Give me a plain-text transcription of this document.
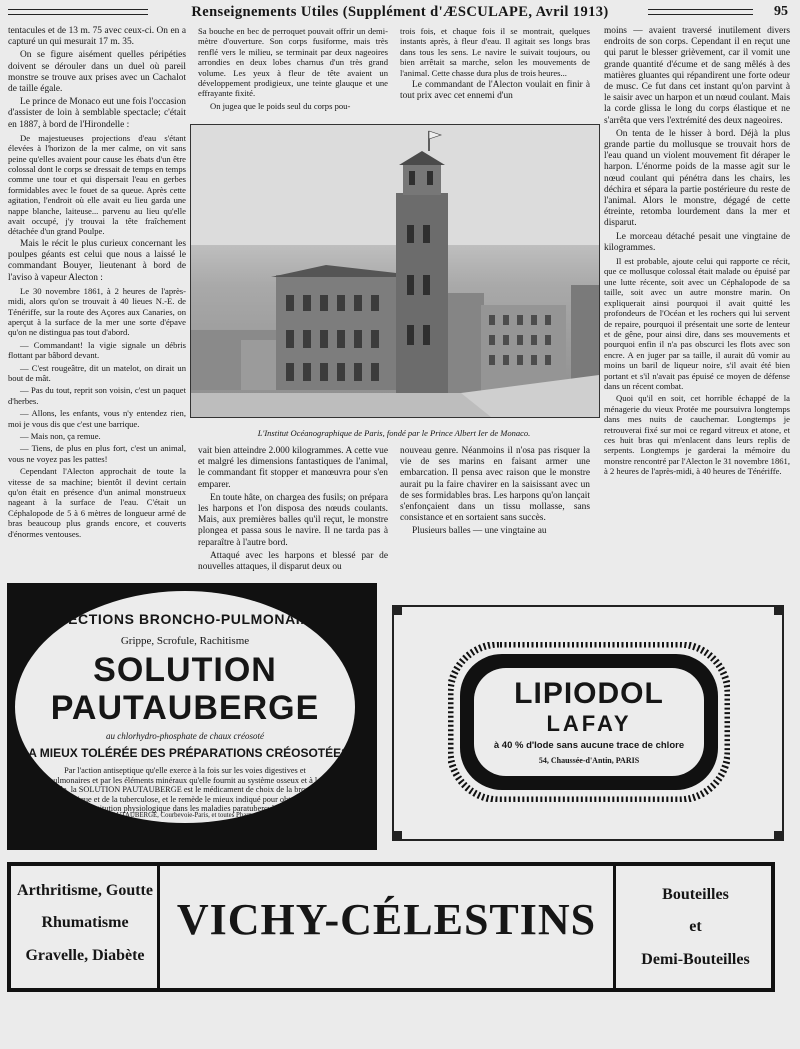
Renseignements Utiles (Supplément d'ÆSCULAPE, Avril 1913)	95

tentacules et de 13 m. 75 avec ceux-ci. On en a capturé un qui mesurait 17 m. 35.

On se figure aisément quelles péripéties doivent se dérouler dans un duel où pareil monstre se trouve aux prises avec un Cachalot de taille égale.

Le prince de Monaco eut une fois l'occasion d'assister de loin à semblable spectacle; c'était en 1887, à bord de l'Hirondelle :

De majestueuses projections d'eau s'étant élevées à l'horizon de la mer calme, on vit sans peine qu'elles avaient pour cause les ébats d'un être colossal dont le corps se dressait de temps en temps comme une tour et qui dispersait l'eau en gerbes formidables avec le fouet de sa queue. Après cette agitation, l'endroit où elle avait eu lieu garda une nappe blanche, laiteuse... parvenu au lieu qu'elle avait occupé, j'y trouvai la tête fraîchement détachée d'un grand Poulpe.

Mais le récit le plus curieux concernant les poulpes géants est celui que nous a laissé le commandant Bouyer, lieutenant à bord de l'aviso à vapeur Alecton :

Le 30 novembre 1861, à 2 heures de l'après-midi, alors qu'on se trouvait à 40 lieues N.-E. de Ténériffe, sur la route des Açores aux Canaries, on aperçut à la surface de la mer une sorte d'épave qu'on ne distingua pas tout d'abord.

— Commandant! la vigie signale un débris flottant par bâbord devant.

— C'est rougeâtre, dit un matelot, on dirait un bout de mât.

— Pas du tout, reprit son voisin, c'est un paquet d'herbes.

— Allons, les enfants, vous n'y entendez rien, moi je vous dis que c'est une barrique.

— Mais non, ça remue.

— Tiens, de plus en plus fort, c'est un animal, vous ne voyez pas les pattes!

Cependant l'Alecton approchait de toute la vitesse de sa machine; bientôt il devint certain qu'on était en présence d'un animal monstrueux nageant à la surface de l'eau. C'était un Céphalopode de 5 à 6 mètres de longueur armé de bras beaucoup plus grands encore, et couverts d'énormes ventouses.

Sa bouche en bec de perroquet pouvait offrir un demi-mètre d'ouverture. Son corps fusiforme, mais très renflé vers le milieu, se terminait par deux nageoires arrondies en deux lobes charnus d'un très grand volume. Les yeux à fleur de tête avaient un développement prodigieux, une teinte glauque et une effrayante fixité.

On jugea que le poids seul du corps pou-

trois fois, et chaque fois il se montrait, quelques instants après, à fleur d'eau. Il agitait ses longs bras dans tous les sens. Le navire le suivait toujours, ou bien arrêtait sa marche, selon les mouvements de l'animal. Cette chasse dura plus de trois heures...

Le commandant de l'Alecton voulait en finir à tout prix avec cet ennemi d'un

L'Institut Océanographique de Paris, fondé par le Prince Albert Ier de Monaco.

vait bien atteindre 2.000 kilogrammes. A cette vue et malgré les dimensions fantastiques de l'animal, le commandant fit stopper et manœuvra pour s'en emparer.

En toute hâte, on chargea des fusils; on prépara les harpons et l'on disposa des nœuds coulants. Mais, aux premières balles qu'il reçut, le monstre plongea et passa sous le navire. Il ne tarda pas à reparaître à l'autre bord.

Attaqué avec les harpons et blessé par de nouvelles attaques, il disparut deux ou

nouveau genre. Néanmoins il n'osa pas risquer la vie de ses marins en faisant armer une embarcation. Il pensa avec raison que le monstre aurait pu la faire chavirer en la saisissant avec un de ses formidables bras. Les harpons qu'on lançait s'enfonçaient dans un tissu mollasse, sans consistance et en sortaient sans succès.

Plusieurs balles — une vingtaine au

moins — avaient traversé inutilement divers endroits de son corps. Cependant il en reçut une qui parut le blesser grièvement, car il vomit une grande quantité d'écume et de sang mêlés à des matières gluantes qui répandirent une forte odeur de musc. Ce fut dans cet instant qu'on parvint à le saisir avec un harpon et un nœud coulant. Mais la corde glissa le long du corps élastique et ne s'arrêta que vers l'extrémité des deux nageoires.

On tenta de le hisser à bord. Déjà la plus grande partie du mollusque se trouvait hors de l'eau quand un violent mouvement fit déraper le harpon. L'énorme poids de la masse agit sur le nœud coulant qui pénétra dans les chairs, les déchira et sépara la partie postérieure du reste de l'animal. Alors le monstre, dégagé de cette étreinte, retomba lourdement dans la mer et disparut.

Le morceau détaché pesait une vingtaine de kilogrammes.

Il est probable, ajoute celui qui rapporte ce récit, que ce mollusque colossal était malade ou épuisé par une lutte récente, soit avec un Céphalopode de sa taille, soit avec un autre monstre marin. On expliquerait ainsi pourquoi il avait quitté les profondeurs de l'Océan et les rochers qui lui servent de repaire, pourquoi il présentait une sorte de lenteur et de gêne, pour ainsi dire, dans ses mouvements et pourquoi enfin il n'a pas obscurci les flots avec son encre. A en juger par sa taille, il aurait dû vomir au moins un baril de liqueur noire, s'il avait été bien portant et s'il n'avait pas épuisé ce moyen de défense dans un récent combat.

Quoi qu'il en soit, cet horrible échappé de la ménagerie du vieux Protée me poursuivra longtemps dans mes nuits de cauchemar. Longtemps je retrouverai fixé sur moi ce regard vitreux et atone, et ces huit bras qui m'enlacent dans leurs replis de serpents. Longtemps je garderai la mémoire du monstre rencontré par l'Alecton le 31 novembre 1861, à 2 heures de l'après-midi, à 40 heures de Ténériffe.

AFFECTIONS BRONCHO-PULMONAIRES
Grippe, Scrofule, Rachitisme
SOLUTION
PAUTAUBERGE
au chlorhydro-phosphate de chaux créosoté
LA MIEUX TOLÉRÉE DES PRÉPARATIONS CRÉOSOTÉES
Par l'action antiseptique qu'elle exerce à la fois sur les voies digestives et pulmonaires et par les éléments minéraux qu'elle fournit au système osseux et à la cellule, la SOLUTION PAUTAUBERGE est le médicament de choix de la bronchite chronique et de la tuberculose, et le remède le mieux indiqué pour obtenir la reconstitution physiologique dans les maladies paratuberculeuses.
L. PAUTAUBERGE, Courbevoie-Paris, et toutes Pharmacies.
LIPIODOL
LAFAY
à 40 % d'Iode sans aucune trace de chlore
54, Chaussée-d'Antin, PARIS
Arthritisme, Goutte
Rhumatisme
Gravelle, Diabète
VICHY-CÉLESTINS
Bouteilles
et
Demi-Bouteilles
